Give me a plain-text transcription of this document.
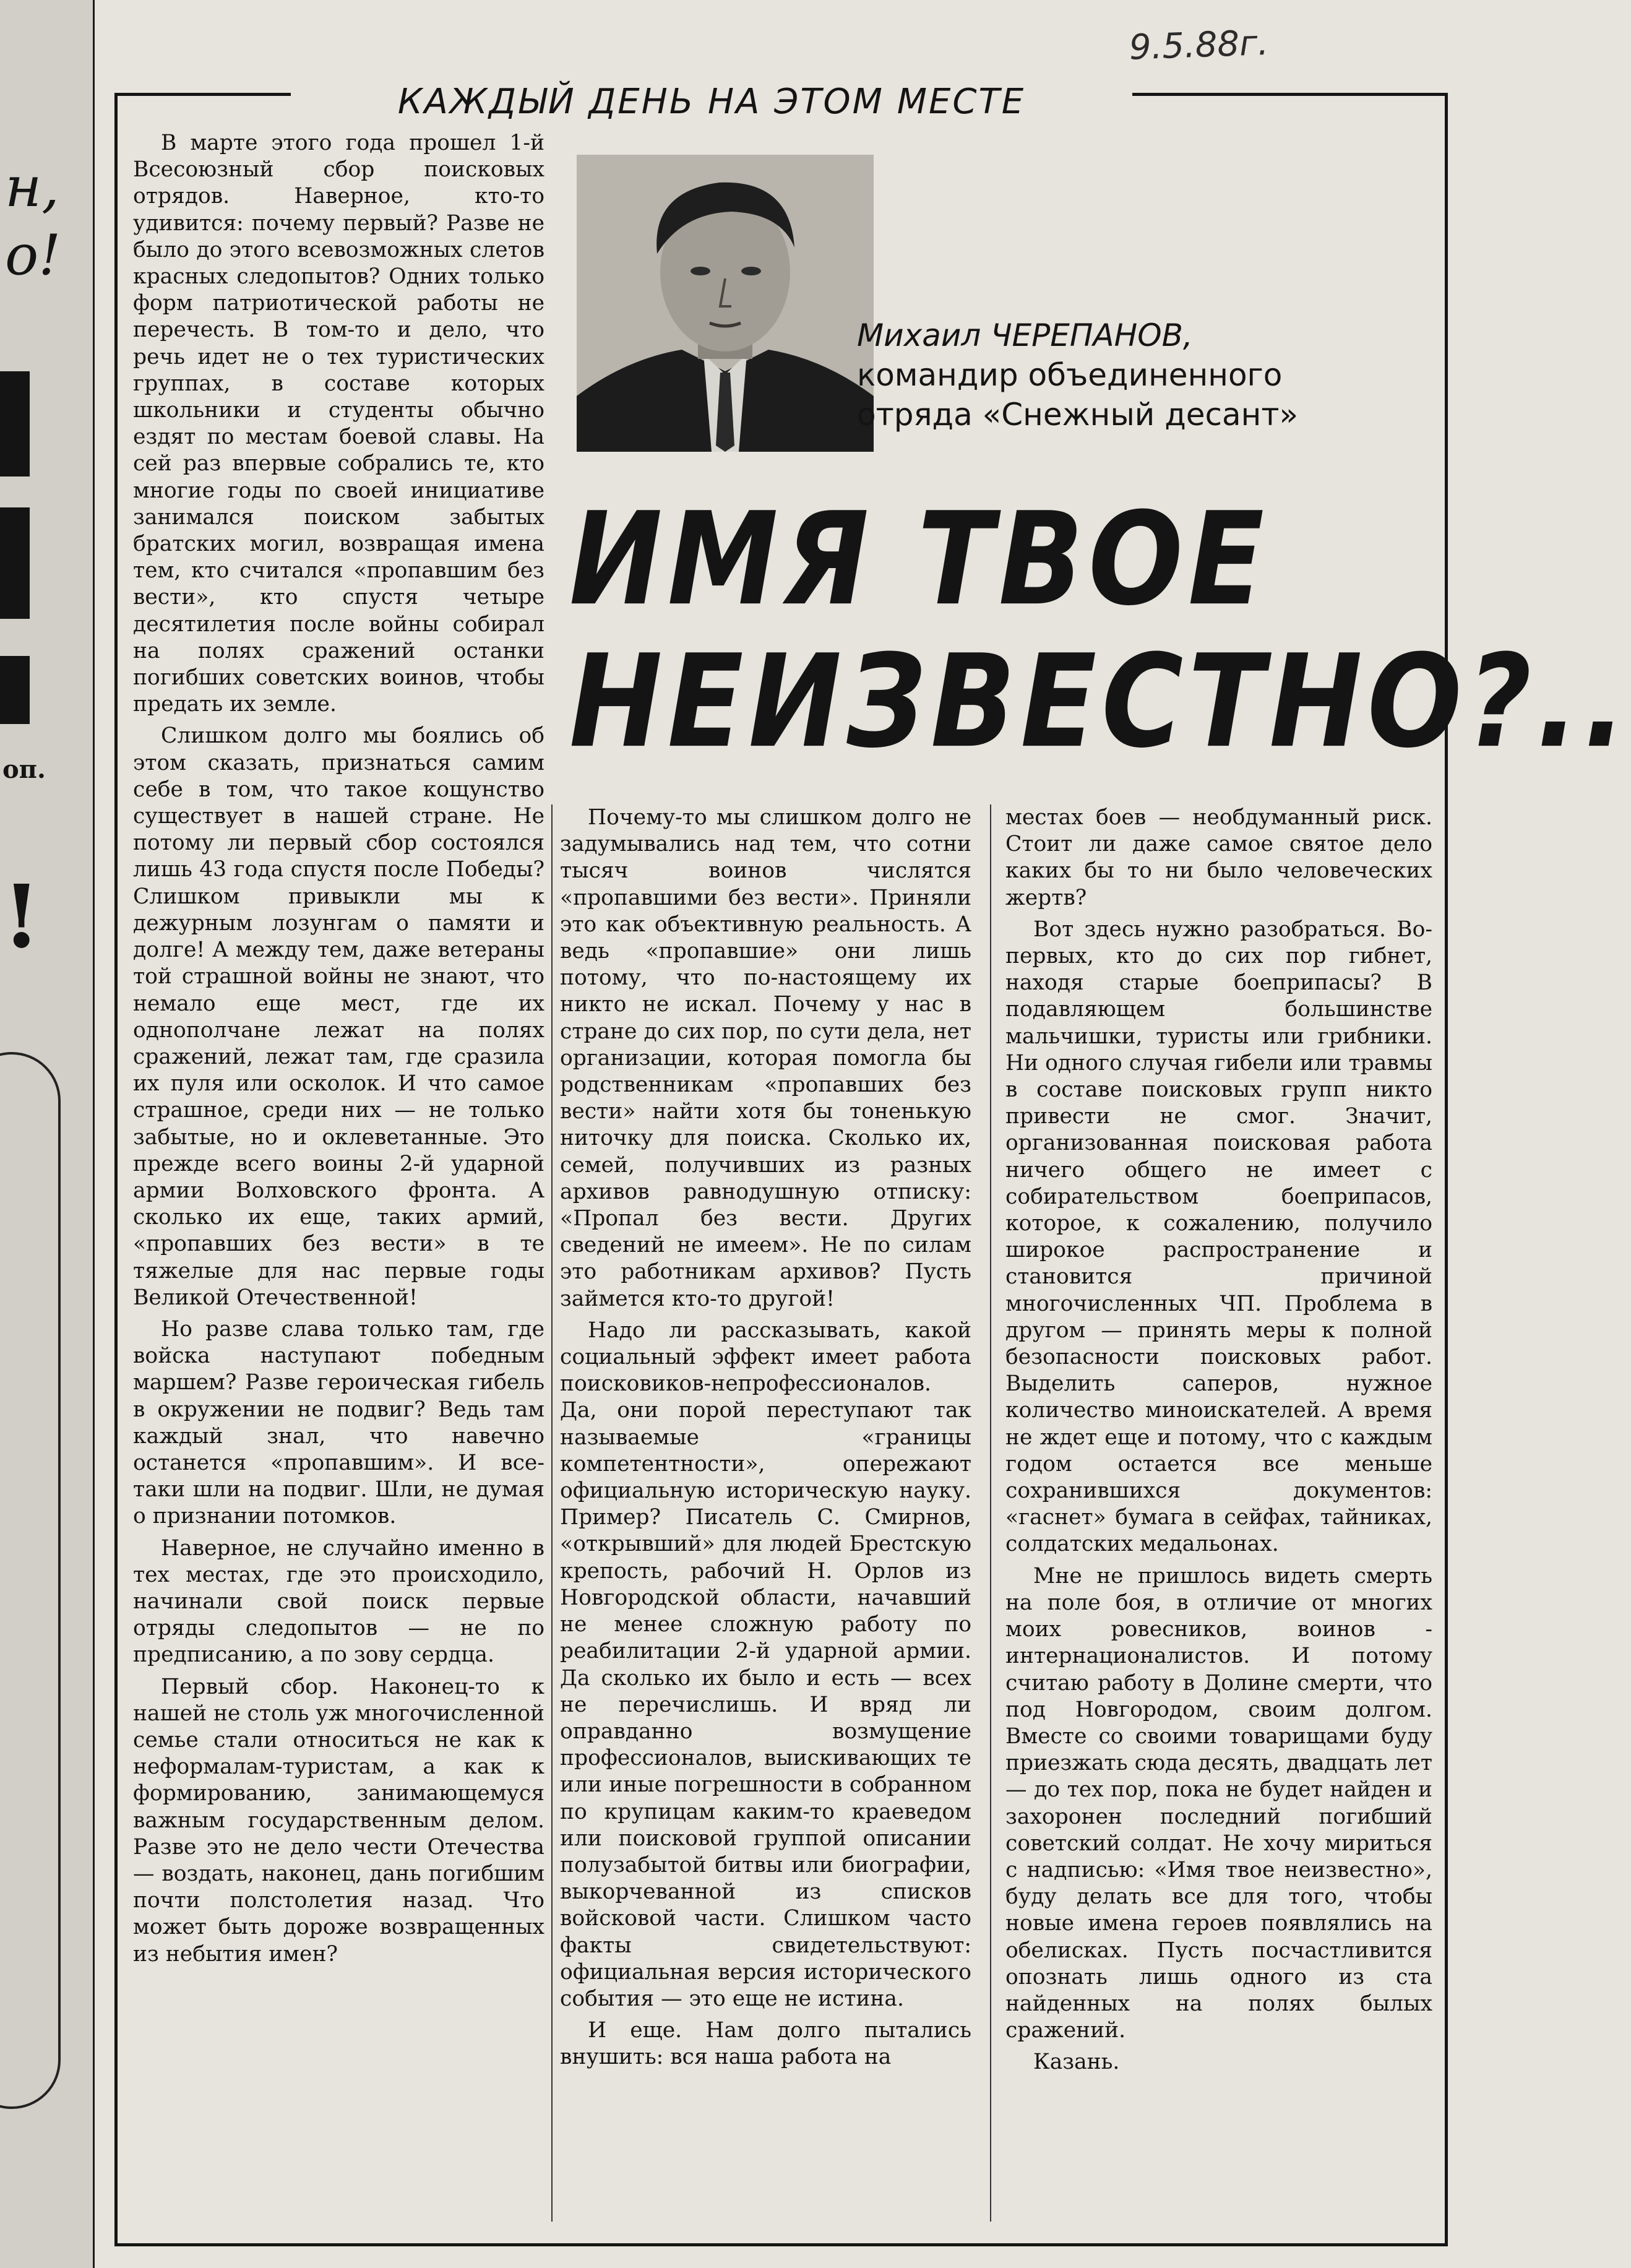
н,
о!
оп.
!
9.5.88г.
КАЖДЫЙ ДЕНЬ НА ЭТОМ МЕСТЕ
Михаил ЧЕРЕПАНОВ,
командир объединенного
отряда «Снежный десант»
ИМЯ ТВОЕ
НЕИЗВЕСТНО?..

В марте этого года прошел 1-й Всесоюзный сбор поисковых отрядов. Наверное, кто-то удивится: почему первый? Разве не было до этого всевозможных слетов красных следопытов? Одних только форм патриотической работы не перечесть. В том-то и дело, что речь идет не о тех туристических группах, в составе которых школьники и студенты обычно ездят по местам боевой славы. На сей раз впервые собрались те, кто многие годы по своей инициативе занимался поиском забытых братских могил, возвращая имена тем, кто считался «пропавшим без вести», кто спустя четыре десятилетия после войны собирал на полях сражений останки погибших советских воинов, чтобы предать их земле.

Слишком долго мы боялись об этом сказать, признаться самим себе в том, что такое кощунство существует в нашей стране. Не потому ли первый сбор состоялся лишь 43 года спустя после Победы? Слишком привыкли мы к дежурным лозунгам о памяти и долге! А между тем, даже ветераны той страшной войны не знают, что немало еще мест, где их однополчане лежат на полях сражений, лежат там, где сразила их пуля или осколок. И что самое страшное, среди них — не только забытые, но и оклеветанные. Это прежде всего воины 2-й ударной армии Волховского фронта. А сколько их еще, таких армий, «пропавших без вести» в те тяжелые для нас первые годы Великой Отечественной!

Но разве слава только там, где войска наступают победным маршем? Разве героическая гибель в окружении не подвиг? Ведь там каждый знал, что навечно останется «пропавшим». И все-таки шли на подвиг. Шли, не думая о признании потомков.

Наверное, не случайно именно в тех местах, где это происходило, начинали свой поиск первые отряды следопытов — не по предписанию, а по зову сердца.

Первый сбор. Наконец-то к нашей не столь уж многочисленной семье стали относиться не как к неформалам-туристам, а как к формированию, занимающемуся важным государственным делом. Разве это не дело чести Отечества — воздать, наконец, дань погибшим почти полстолетия назад. Что может быть дороже возвращенных из небытия имен?

Почему-то мы слишком долго не задумывались над тем, что сотни тысяч воинов числятся «пропавшими без вести». Приняли это как объективную реальность. А ведь «пропавшие» они лишь потому, что по-настоящему их никто не искал. Почему у нас в стране до сих пор, по сути дела, нет организации, которая помогла бы родственникам «пропавших без вести» найти хотя бы тоненькую ниточку для поиска. Сколько их, семей, получивших из разных архивов равнодушную отписку: «Пропал без вести. Других сведений не имеем». Не по силам это работникам архивов? Пусть займется кто-то другой!

Надо ли рассказывать, какой социальный эффект имеет работа поисковиков-непрофессионалов. Да, они порой переступают так называемые «границы компетентности», опережают официальную историческую науку. Пример? Писатель С. Смирнов, «открывший» для людей Брестскую крепость, рабочий Н. Орлов из Новгородской области, начавший не менее сложную работу по реабилитации 2-й ударной армии. Да сколько их было и есть — всех не перечислишь. И вряд ли оправданно возмущение профессионалов, выискивающих те или иные погрешности в собранном по крупицам каким-то краеведом или поисковой группой описании полузабытой битвы или биографии, выкорчеванной из списков войсковой части. Слишком часто факты свидетельствуют: официальная версия исторического события — это еще не истина.

И еще. Нам долго пытались внушить: вся наша работа на

местах боев — необдуманный риск. Стоит ли даже самое святое дело каких бы то ни было человеческих жертв?

Вот здесь нужно разобраться. Во-первых, кто до сих пор гибнет, находя старые боеприпасы? В подавляющем большинстве мальчишки, туристы или грибники. Ни одного случая гибели или травмы в составе поисковых групп никто привести не смог. Значит, организованная поисковая работа ничего общего не имеет с собирательством боеприпасов, которое, к сожалению, получило широкое распространение и становится причиной многочисленных ЧП. Проблема в другом — принять меры к полной безопасности поисковых работ. Выделить саперов, нужное количество миноискателей. А время не ждет еще и потому, что с каждым годом остается все меньше сохранившихся документов: «гаснет» бумага в сейфах, тайниках, солдатских медальонах.

Мне не пришлось видеть смерть на поле боя, в отличие от многих моих ровесников, воинов - интернационалистов. И потому считаю работу в Долине смерти, что под Новгородом, своим долгом. Вместе со своими товарищами буду приезжать сюда десять, двадцать лет — до тех пор, пока не будет найден и захоронен последний погибший советский солдат. Не хочу мириться с надписью: «Имя твое неизвестно», буду делать все для того, чтобы новые имена героев появлялись на обелисках. Пусть посчастливится опознать лишь одного из ста найденных на полях былых сражений.

Казань.
